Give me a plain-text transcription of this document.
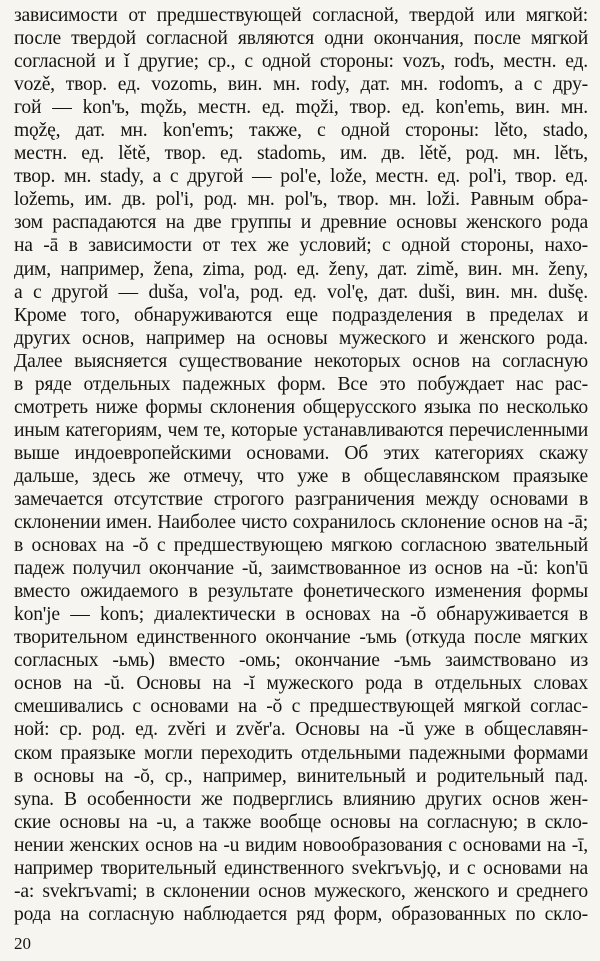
зависимости от предшествующей согласной, твердой или мягкой:
после твердой согласной являются одни окончания, после мягкой
согласной и ǐ другие; ср., с одной стороны: vozъ, rodъ, местн. ед.
vozě, твор. ед. vozomь, вин. мн. rody, дат. мн. rodomъ, а с дру-
гой — kon'ъ, mǫžь, местн. ед. mǫži, твор. ед. kon'emь, вин. мн.
mǫžę, дат. мн. kon'emъ; также, с одной стороны: lěto, stado,
местн. ед. lětě, твор. ед. stadomь, им. дв. lětě, род. мн. lětъ,
твор. мн. stady, а с другой — pol'e, lože, местн. ед. pol'i, твор. ед.
ložemь, им. дв. pol'i, род. мн. pol'ъ, твор. мн. loži. Равным обра-
зом распадаются на две группы и древние основы женского рода
на -ā в зависимости от тех же условий; с одной стороны, нахо-
дим, например, žena, zima, род. ед. ženy, дат. zimě, вин. мн. ženy,
а с другой — duša, vol'a, род. ед. vol'ę, дат. duši, вин. мн. dušę.
Кроме того, обнаруживаются еще подразделения в пределах и
других основ, например на основы мужеского и женского рода.
Далее выясняется существование некоторых основ на согласную
в ряде отдельных падежных форм. Все это побуждает нас рас-
смотреть ниже формы склонения общерусского языка по несколько
иным категориям, чем те, которые устанавливаются перечисленными
выше индоевропейскими основами. Об этих категориях скажу
дальше, здесь же отмечу, что уже в общеславянском праязыке
замечается отсутствие строгого разграничения между основами в
склонении имен. Наиболее чисто сохранилось склонение основ на -ā;
в основах на -ŏ с предшествующею мягкою согласною звательный
падеж получил окончание -ŭ, заимствованное из основ на -ŭ: kon'ū
вместо ожидаемого в результате фонетического изменения формы
kon'je — konъ; диалектически в основах на -ŏ обнаруживается в
творительном единственного окончание -ъмь (откуда после мягких
согласных -ьмь) вместо -омь; окончание -ъмь заимствовано из
основ на -ŭ. Основы на -ĭ мужеского рода в отдельных словах
смешивались с основами на -ŏ с предшествующей мягкой соглас-
ной: ср. род. ед. zvěri и zvěr'a. Основы на -ŭ уже в общеславян-
ском праязыке могли переходить отдельными падежными формами
в основы на -ŏ, ср., например, винительный и родительный пад.
syna. В особенности же подверглись влиянию других основ жен-
ские основы на -u, а также вообще основы на согласную; в скло-
нении женских основ на -u видим новообразования с основами на -ī,
например творительный единственного svekrъvьjǫ, и с основами на
-a: svekrъvami; в склонении основ мужеского, женского и среднего
рода на согласную наблюдается ряд форм, образованных по скло-
20
